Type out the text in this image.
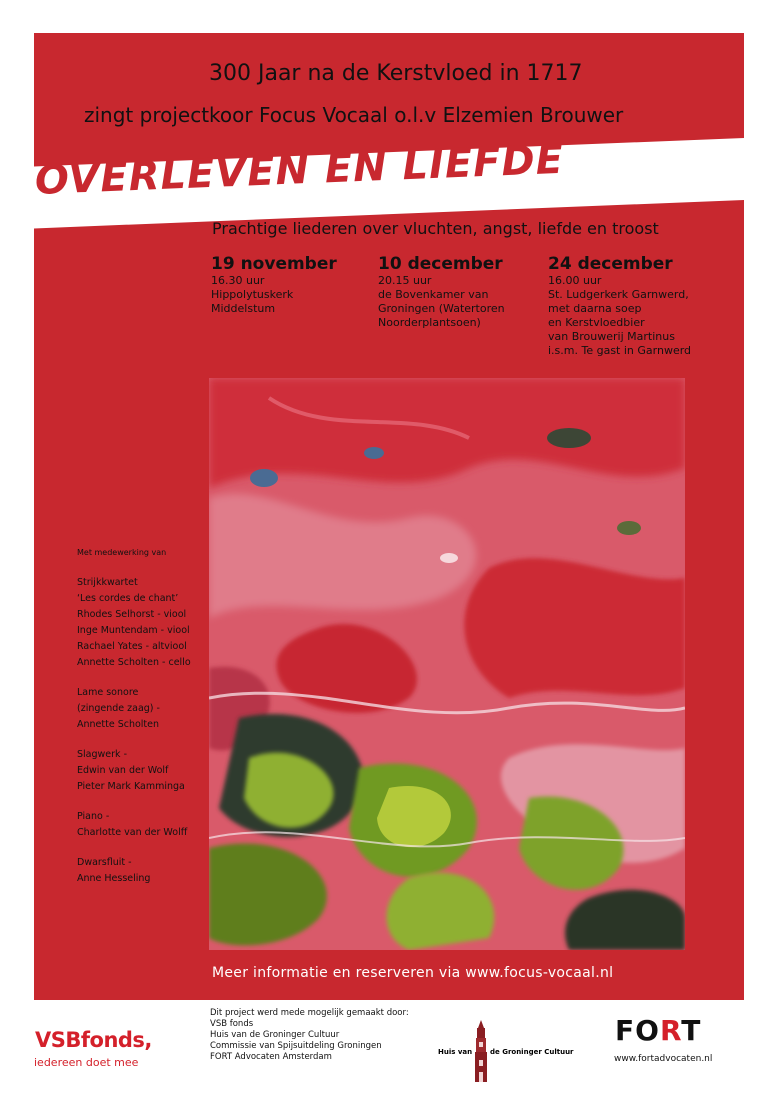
300 Jaar na de Kerstvloed in 1717
zingt projectkoor Focus Vocaal o.l.v Elzemien Brouwer
OVERLEVEN EN LIEFDE
Prachtige liederen over vluchten, angst, liefde en troost
19 november
16.30 uur
Hippolytuskerk
Middelstum
10 december
20.15 uur
de Bovenkamer van
Groningen (Watertoren
Noorderplantsoen)
24 december
16.00 uur
St. Ludgerkerk Garnwerd,
met daarna soep
en Kerstvloedbier
van Brouwerij Martinus
i.s.m. Te gast in Garnwerd
Met medewerking van
Strijkkwartet
‘Les cordes de chant’
Rhodes Selhorst - viool
Inge Muntendam - viool
Rachael Yates - altviool
Annette Scholten - cello
Lame sonore
(zingende zaag) -
Annette Scholten
Slagwerk -
Edwin van der Wolf
Pieter Mark Kamminga
Piano -
Charlotte van der Wolff
Dwarsfluit -
Anne Hesseling
Meer informatie en reserveren via www.focus-vocaal.nl
VSBfonds,
iedereen doet mee
Dit project werd mede mogelijk gemaakt door:
VSB fonds
Huis van de Groninger Cultuur
Commissie van Spijsuitdeling Groningen
FORT Advocaten Amsterdam	Huis van	de Groninger Cultuur
FORT
www.fortadvocaten.nl
